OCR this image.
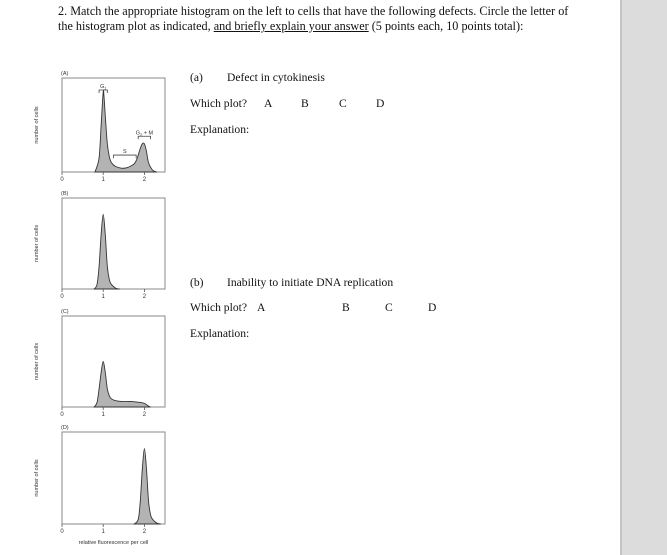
2. Match the appropriate histogram on the left to cells that have the following defects. Circle the letter of
the histogram plot as indicated, and briefly explain your answer (5 points each, 10 points total):
(a) Defect in cytokinesis
Which plot? A B	C	D
Explanation:
(b) Inability to initiate DNA replication
Which plot? A	B	C	D
Explanation:
(A)
0	1	2
number of cells
$G_1$
S
$G_2 + M$
(B)
0	1	2
number of cells
(C)
0	1	2
number of cells
(D)
0	1	2
number of cells
relative fluorescence per cell
